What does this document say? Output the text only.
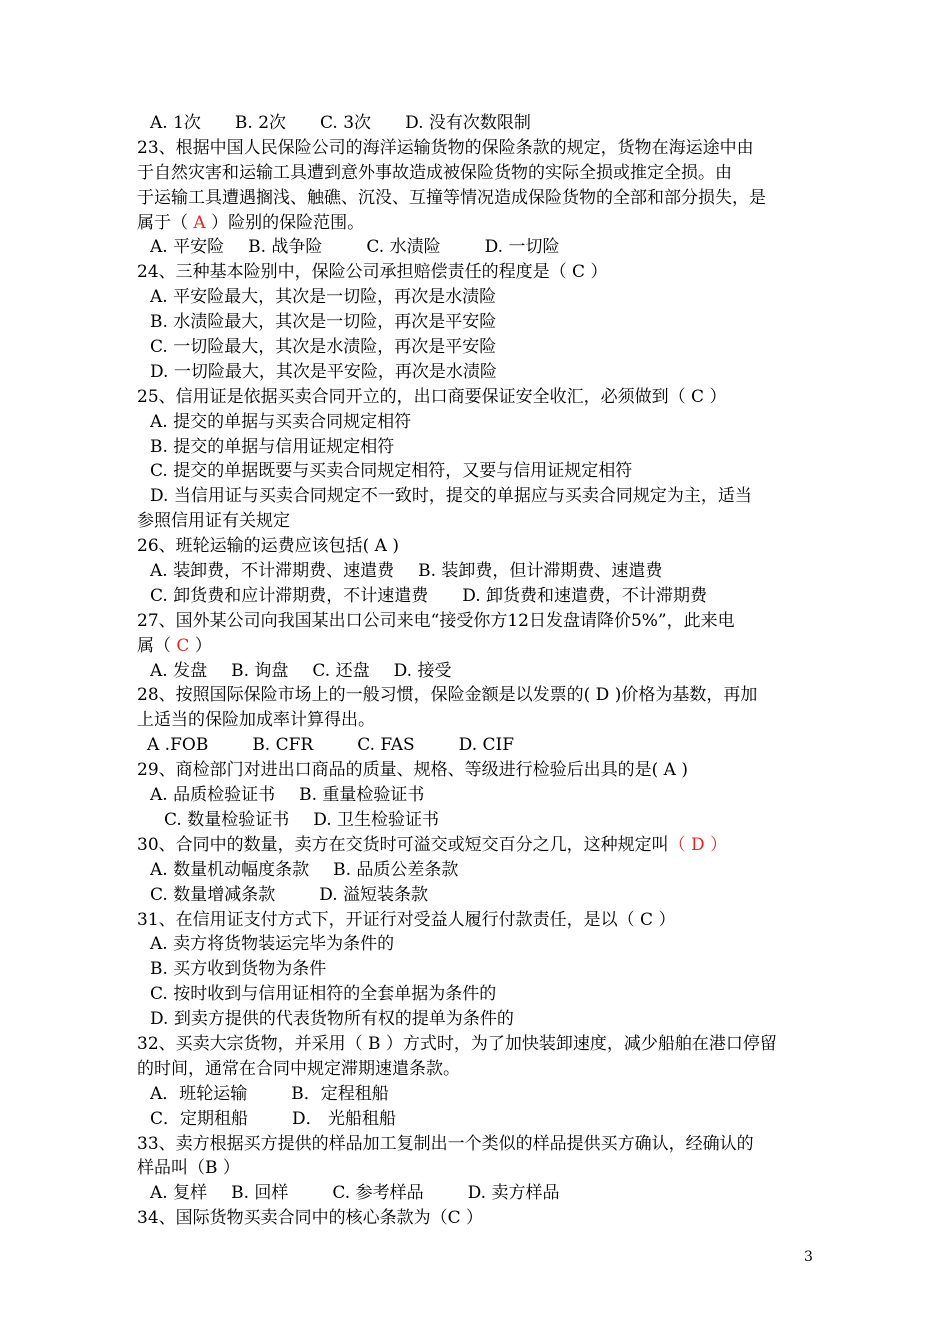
A. 1次 B. 2次 C. 3次 D. 没有次数限制
23、根据中国人民保险公司的海洋运输货物的保险条款的规定，货物在海运途中由
于自然灾害和运输工具遭到意外事故造成被保险货物的实际全损或推定全损。由
于运输工具遭遇搁浅、触礁、沉没、互撞等情况造成保险货物的全部和部分损失，是
属于（ A ）险别的保险范围。
A. 平安险 B. 战争险	C. 水渍险	D. 一切险
24、三种基本险别中，保险公司承担赔偿责任的程度是（ C ）
A. 平安险最大，其次是一切险，再次是水渍险
B. 水渍险最大，其次是一切险，再次是平安险
C. 一切险最大，其次是水渍险，再次是平安险
D. 一切险最大，其次是平安险，再次是水渍险
25、信用证是依据买卖合同开立的，出口商要保证安全收汇，必须做到（ C ）
A. 提交的单据与买卖合同规定相符
B. 提交的单据与信用证规定相符
C. 提交的单据既要与买卖合同规定相符，又要与信用证规定相符
D. 当信用证与买卖合同规定不一致时，提交的单据应与买卖合同规定为主，适当
参照信用证有关规定
26、班轮运输的运费应该包括( A )
A. 装卸费，不计滞期费、速遣费 B. 装卸费，但计滞期费、速遣费
C. 卸货费和应计滞期费，不计速遣费 D. 卸货费和速遣费，不计滞期费
27、国外某公司向我国某出口公司来电“接受你方12日发盘请降价5%”，此来电
属（ C ）
A. 发盘 B. 询盘 C. 还盘 D. 接受
28、按照国际保险市场上的一般习惯，保险金额是以发票的( D )价格为基数，再加
上适当的保险加成率计算得出。
A .FOB	B. CFR	C. FAS	D. CIF
29、商检部门对进出口商品的质量、规格、等级进行检验后出具的是( A )
A. 品质检验证书 B. 重量检验证书
C. 数量检验证书 D. 卫生检验证书
30、合同中的数量，卖方在交货时可溢交或短交百分之几，这种规定叫（ D ）
A. 数量机动幅度条款 B. 品质公差条款
C. 数量增减条款	D. 溢短装条款
31、在信用证支付方式下，开证行对受益人履行付款责任，是以（ C ）
A. 卖方将货物装运完毕为条件的
B. 买方收到货物为条件
C. 按时收到与信用证相符的全套单据为条件的
D. 到卖方提供的代表货物所有权的提单为条件的
32、买卖大宗货物，并采用（ B ）方式时，为了加快装卸速度，减少船舶在港口停留
的时间，通常在合同中规定滞期速遣条款。
A．班轮运输	B．定程租船
C．定期租船	D． 光船租船
33、卖方根据买方提供的样品加工复制出一个类似的样品提供买方确认，经确认的
样品叫（B ）
A. 复样 B. 回样	C. 参考样品	D. 卖方样品
34、国际货物买卖合同中的核心条款为（C ）
3
